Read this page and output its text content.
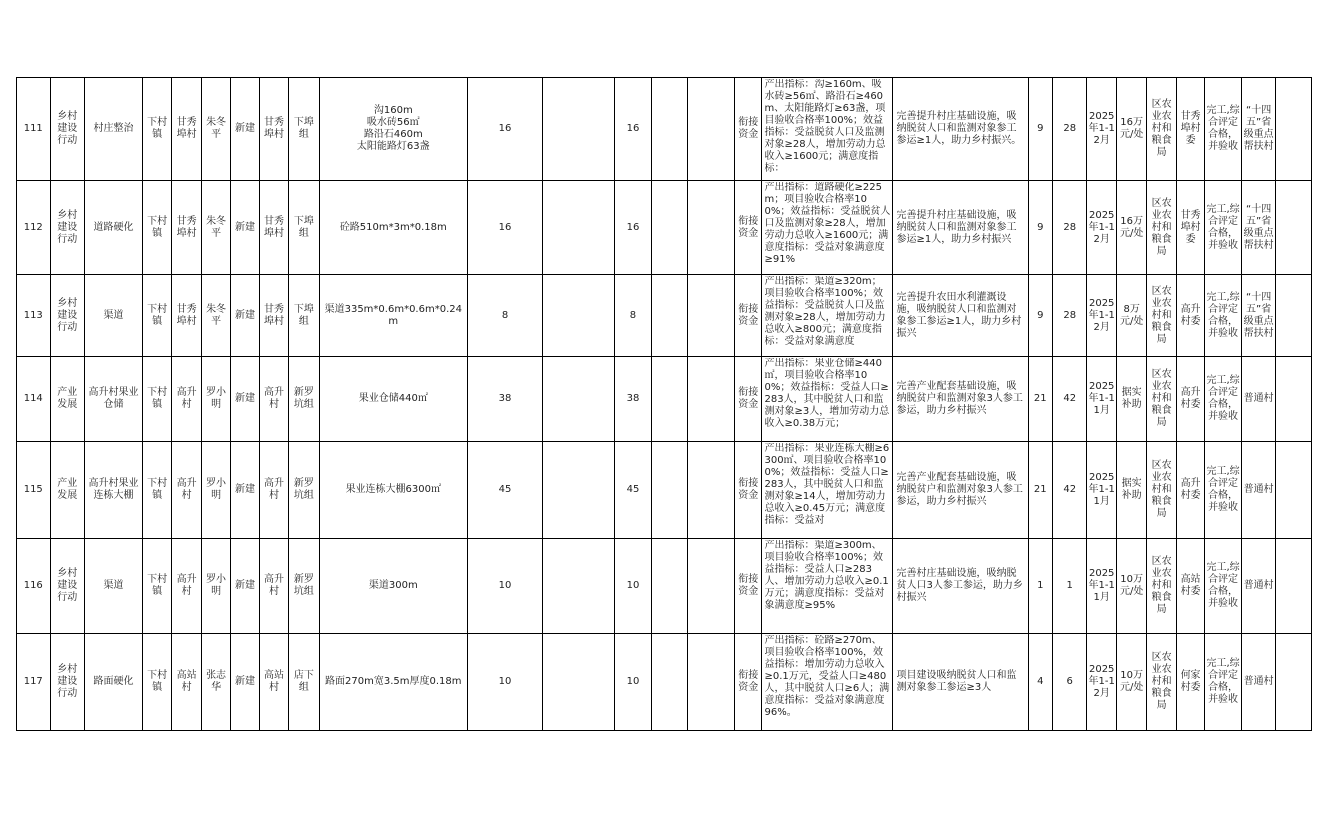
111	乡村建设行动	村庄整治	下村镇	甘秀埠村	朱冬平	新建	甘秀埠村	下埠组	沟160m
吸水砖56㎡
路沿石460m
太阳能路灯63盏	16		16			衔接资金	产出指标：沟≥160m、吸水砖≥56㎡、路沿石≥460m、太阳能路灯≥63盏，项目验收合格率100%；效益指标：受益脱贫人口及监测对象≥28人，增加劳动力总收入≥1600元；满意度指标：	完善提升村庄基础设施，吸纳脱贫人口和监测对象参工参运≥1人，助力乡村振兴。	9	28	2025年1-12月	16万元/处	区农业农村和粮食局	甘秀埠村委	完工,综合评定合格，并验收	“十四五”省级重点帮扶村	
112	乡村建设行动	道路硬化	下村镇	甘秀埠村	朱冬平	新建	甘秀埠村	下埠组	砼路510m*3m*0.18m	16		16			衔接资金	产出指标：道路硬化≥225m；项目验收合格率100%；效益指标：受益脱贫人口及监测对象≥28人，增加劳动力总收入≥1600元；满意度指标：受益对象满意度≥91%	完善提升村庄基础设施，吸纳脱贫人口和监测对象参工参运≥1人，助力乡村振兴	9	28	2025年1-12月	16万元/处	区农业农村和粮食局	甘秀埠村委	完工,综合评定合格，并验收	“十四五”省级重点帮扶村	
113	乡村建设行动	渠道	下村镇	甘秀埠村	朱冬平	新建	甘秀埠村	下埠组	渠道335m*0.6m*0.6m*0.24m	8		8			衔接资金	产出指标：渠道≥320m；项目验收合格率100%；效益指标：受益脱贫人口及监测对象≥28人，增加劳动力总收入≥800元；满意度指标：受益对象满意度	完善提升农田水利灌溉设施，吸纳脱贫人口和监测对象参工参运≥1人，助力乡村振兴	9	28	2025年1-12月	8万元/处	区农业农村和粮食局	高升村委	完工,综合评定合格，并验收	“十四五”省级重点帮扶村	
114	产业发展	高升村果业仓储	下村镇	高升村	罗小明	新建	高升村	新罗坑组	果业仓储440㎡	38		38			衔接资金	产出指标：果业仓储≥440㎡，项目验收合格率100%；效益指标：受益人口≥283人，其中脱贫人口和监测对象≥3人，增加劳动力总收入≥0.38万元；	完善产业配套基础设施，吸纳脱贫户和监测对象3人参工参运，助力乡村振兴	21	42	2025年1-11月	据实补助	区农业农村和粮食局	高升村委	完工,综合评定合格，并验收	普通村	
115	产业发展	高升村果业连栋大棚	下村镇	高升村	罗小明	新建	高升村	新罗坑组	果业连栋大棚6300㎡	45		45			衔接资金	产出指标：果业连栋大棚≥6300㎡、项目验收合格率100%；效益指标：受益人口≥283人，其中脱贫人口和监测对象≥14人，增加劳动力总收入≥0.45万元；满意度指标：受益对	完善产业配套基础设施，吸纳脱贫户和监测对象3人参工参运，助力乡村振兴	21	42	2025年1-11月	据实补助	区农业农村和粮食局	高升村委	完工,综合评定合格，并验收	普通村	
116	乡村建设行动	渠道	下村镇	高升村	罗小明	新建	高升村	新罗坑组	渠道300m	10		10			衔接资金	产出指标：渠道≥300m、项目验收合格率100%；效益指标：受益人口≥283人、增加劳动力总收入≥0.1万元；满意度指标：受益对象满意度≥95%	完善村庄基础设施，吸纳脱贫人口3人参工参运，助力乡村振兴	1	1	2025年1-11月	10万元/处	区农业农村和粮食局	高站村委	完工,综合评定合格，并验收	普通村	
117	乡村建设行动	路面硬化	下村镇	高站村	张志华	新建	高站村	店下组	路面270m宽3.5m厚度0.18m	10		10			衔接资金	产出指标：砼路≥270m、项目验收合格率100%，效益指标：增加劳动力总收入≥0.1万元，受益人口≥480人，其中脱贫人口≥6人；满意度指标：受益对象满意度96%。	项目建设吸纳脱贫人口和监测对象参工参运≥3人	4	6	2025年1-12月	10万元/处	区农业农村和粮食局	何家村委	完工,综合评定合格，并验收	普通村	
